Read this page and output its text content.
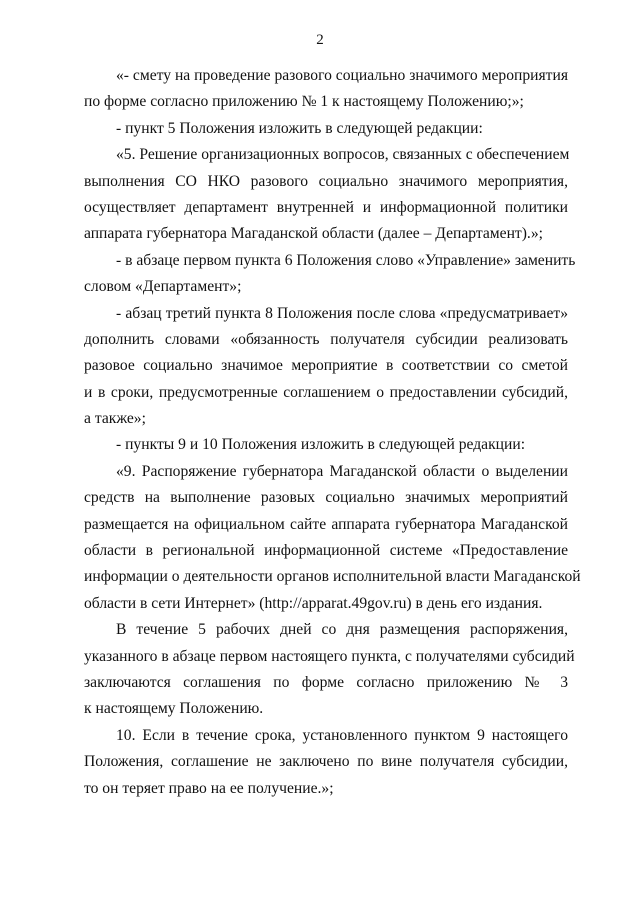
2
«- смету на проведение разового социально значимого мероприятия
по форме согласно приложению № 1 к настоящему Положению;»;
- пункт 5 Положения изложить в следующей редакции:
«5. Решение организационных вопросов, связанных с обеспечением
выполнения СО НКО разового социально значимого мероприятия,
осуществляет департамент внутренней и информационной политики
аппарата губернатора Магаданской области (далее – Департамент).»;
- в абзаце первом пункта 6 Положения слово «Управление» заменить
словом «Департамент»;
- абзац третий пункта 8 Положения после слова «предусматривает»
дополнить словами «обязанность получателя субсидии реализовать
разовое социально значимое мероприятие в соответствии со сметой
и в сроки, предусмотренные соглашением о предоставлении субсидий,
а также»;
- пункты 9 и 10 Положения изложить в следующей редакции:
«9. Распоряжение губернатора Магаданской области о выделении
средств на выполнение разовых социально значимых мероприятий
размещается на официальном сайте аппарата губернатора Магаданской
области в региональной информационной системе «Предоставление
информации о деятельности органов исполнительной власти Магаданской
области в сети Интернет» (http://apparat.49gov.ru) в день его издания.
В течение 5 рабочих дней со дня размещения распоряжения,
указанного в абзаце первом настоящего пункта, с получателями субсидий
заключаются соглашения по форме согласно приложению № 3
к настоящему Положению.
10. Если в течение срока, установленного пунктом 9 настоящего
Положения, соглашение не заключено по вине получателя субсидии,
то он теряет право на ее получение.»;
